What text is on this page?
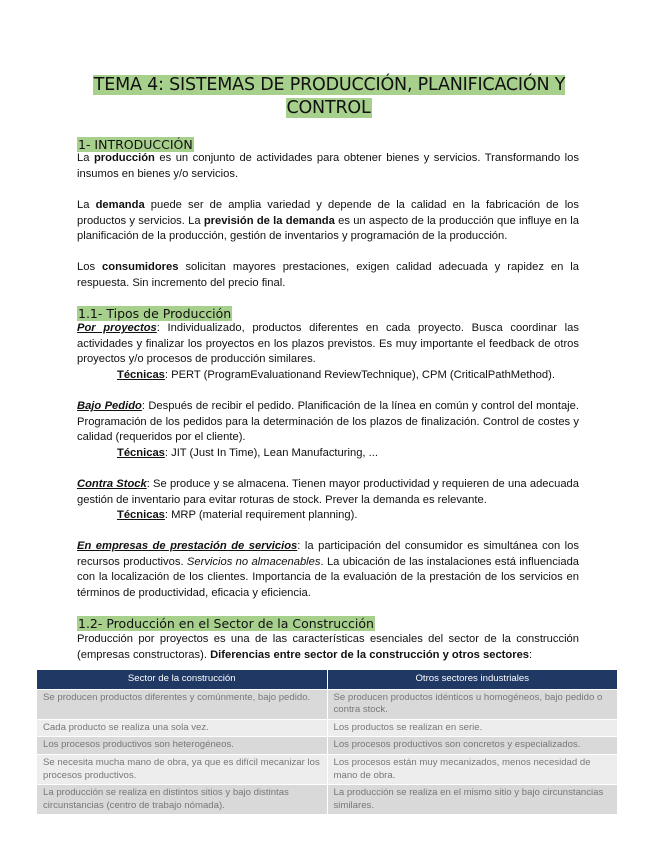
TEMA 4: SISTEMAS DE PRODUCCIÓN, PLANIFICACIÓN Y CONTROL
1- INTRODUCCIÓN
La producción es un conjunto de actividades para obtener bienes y servicios. Transformando los insumos en bienes y/o servicios.
La demanda puede ser de amplia variedad y depende de la calidad en la fabricación de los productos y servicios. La previsión de la demanda es un aspecto de la producción que influye en la planificación de la producción, gestión de inventarios y programación de la producción.
Los consumidores solicitan mayores prestaciones, exigen calidad adecuada y rapidez en la respuesta. Sin incremento del precio final.
1.1- Tipos de Producción
Por proyectos: Individualizado, productos diferentes en cada proyecto. Busca coordinar las actividades y finalizar los proyectos en los plazos previstos. Es muy importante el feedback de otros proyectos y/o procesos de producción similares.
Técnicas: PERT (ProgramEvaluationand ReviewTechnique), CPM (CriticalPathMethod).
Bajo Pedido: Después de recibir el pedido. Planificación de la línea en común y control del montaje. Programación de los pedidos para la determinación de los plazos de finalización. Control de costes y calidad (requeridos por el cliente).
Técnicas: JIT (Just In Time), Lean Manufacturing, ...
Contra Stock: Se produce y se almacena. Tienen mayor productividad y requieren de una adecuada gestión de inventario para evitar roturas de stock. Prever la demanda es relevante.
Técnicas: MRP (material requirement planning).
En empresas de prestación de servicios: la participación del consumidor es simultánea con los recursos productivos. Servicios no almacenables. La ubicación de las instalaciones está influenciada con la localización de los clientes. Importancia de la evaluación de la prestación de los servicios en términos de productividad, eficacia y eficiencia.
1.2- Producción en el Sector de la Construcción
Producción por proyectos es una de las características esenciales del sector de la construcción (empresas constructoras). Diferencias entre sector de la construcción y otros sectores:
Sector de la construcción	Otros sectores industriales
Se producen productos diferentes y comúnmente, bajo pedido.	Se producen productos idénticos u homogéneos, bajo pedido o contra stock.
Cada producto se realiza una sola vez.	Los productos se realizan en serie.
Los procesos productivos son heterogéneos.	Los procesos productivos son concretos y especializados.
Se necesita mucha mano de obra, ya que es difícil mecanizar los procesos productivos.	Los procesos están muy mecanizados, menos necesidad de mano de obra.
La producción se realiza en distintos sitios y bajo distintas circunstancias (centro de trabajo nómada).	La producción se realiza en el mismo sitio y bajo circunstancias similares.
